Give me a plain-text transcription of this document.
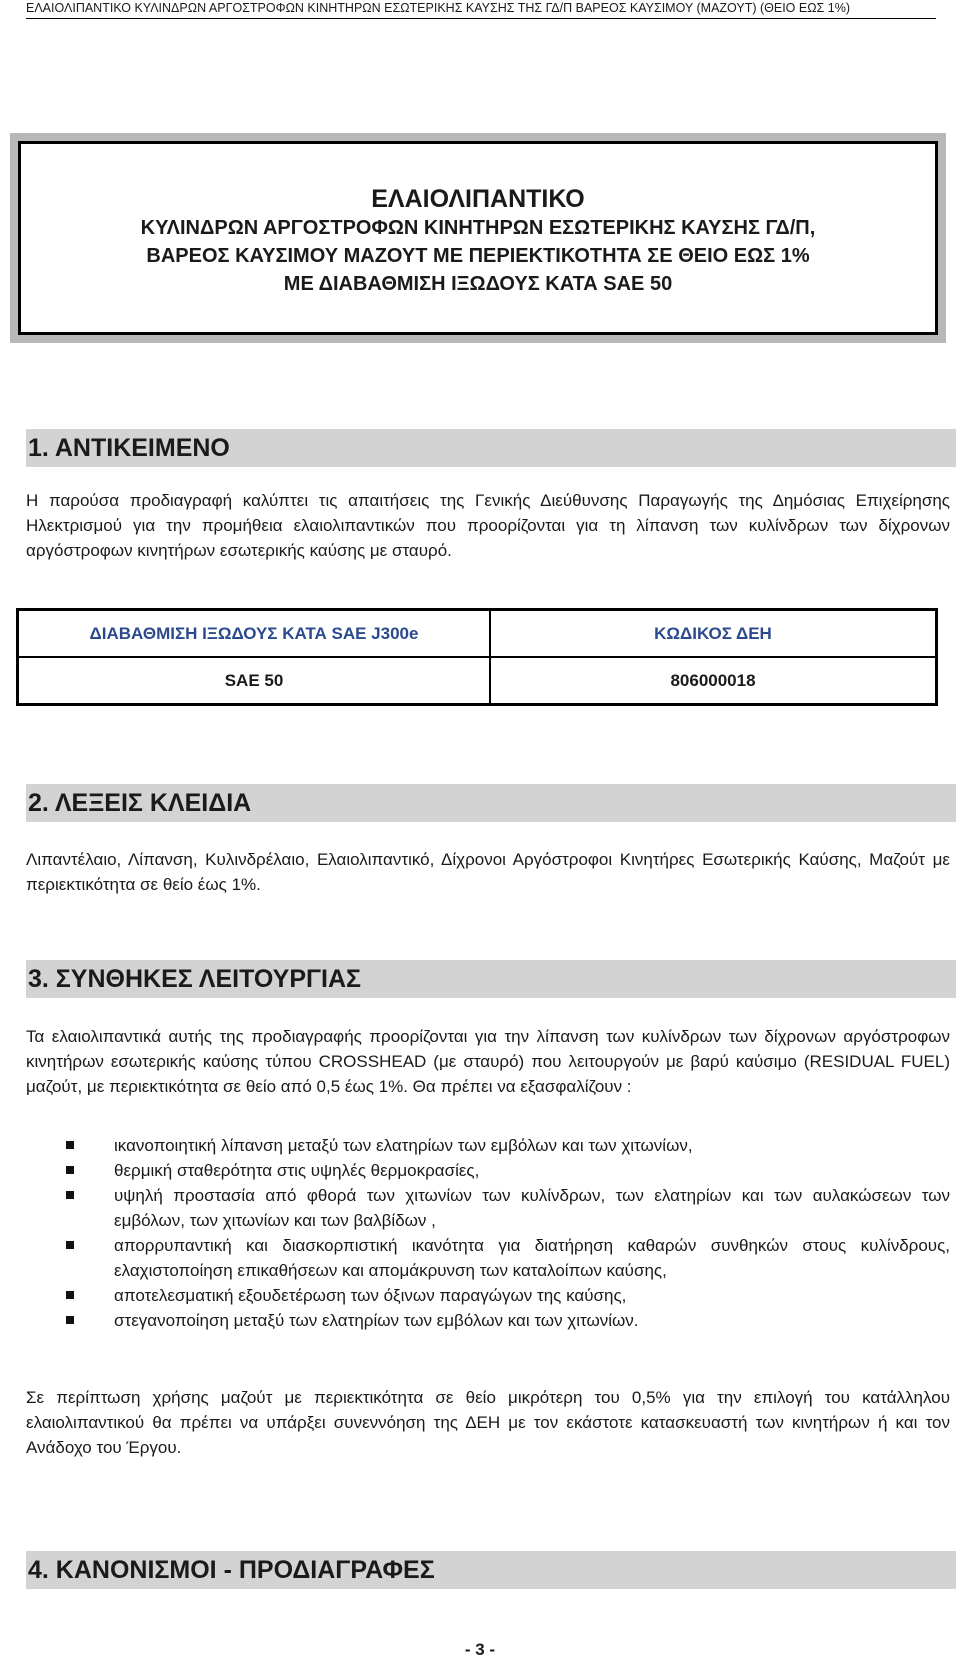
ΕΛΑΙΟΛΙΠΑΝΤΙΚΟ ΚΥΛΙΝΔΡΩΝ ΑΡΓΟΣΤΡΟΦΩΝ ΚΙΝΗΤΗΡΩΝ ΕΣΩΤΕΡΙΚΗΣ ΚΑΥΣΗΣ ΤΗΣ ΓΔ/Π ΒΑΡΕΟΣ ΚΑΥΣΙΜΟΥ (ΜΑΖΟΥΤ) (ΘΕΙΟ ΕΩΣ 1%)
ΕΛΑΙΟΛΙΠΑΝΤΙΚΟ
ΚΥΛΙΝΔΡΩΝ ΑΡΓΟΣΤΡΟΦΩΝ ΚΙΝΗΤΗΡΩΝ ΕΣΩΤΕΡΙΚΗΣ ΚΑΥΣΗΣ ΓΔ/Π,
ΒΑΡΕΟΣ ΚΑΥΣΙΜΟΥ ΜΑΖΟΥΤ ΜΕ ΠΕΡΙΕΚΤΙΚΟΤΗΤΑ ΣΕ ΘΕΙΟ ΕΩΣ 1%
ΜΕ ΔΙΑΒΑΘΜΙΣΗ ΙΞΩΔΟΥΣ ΚΑΤΑ SAE 50
1. ΑΝΤΙΚΕΙΜΕΝΟ

Η παρούσα προδιαγραφή καλύπτει τις απαιτήσεις της Γενικής Διεύθυνσης Παραγωγής της Δημόσιας Επιχείρησης Ηλεκτρισμού για την προμήθεια ελαιολιπαντικών που προορίζονται για τη λίπανση των κυλίνδρων των δίχρονων αργόστροφων κινητήρων εσωτερικής καύσης με σταυρό.

ΔΙΑΒΑΘΜΙΣΗ ΙΞΩΔΟΥΣ ΚΑΤΑ SAE J300e	ΚΩΔΙΚΟΣ ΔΕΗ
SAE 50	806000018
2. ΛΕΞΕΙΣ ΚΛΕΙΔΙΑ

Λιπαντέλαιο, Λίπανση, Κυλινδρέλαιο, Ελαιολιπαντικό, Δίχρονοι Αργόστροφοι Κινητήρες Εσωτερικής Καύσης, Μαζούτ με περιεκτικότητα σε θείο έως 1%.

3. ΣΥΝΘΗΚΕΣ ΛΕΙΤΟΥΡΓΙΑΣ

Τα ελαιολιπαντικά αυτής της προδιαγραφής προορίζονται για την λίπανση των κυλίνδρων των δίχρονων αργόστροφων κινητήρων εσωτερικής καύσης τύπου CROSSHEAD (με σταυρό) που λειτουργούν με βαρύ καύσιμο (RESIDUAL FUEL) μαζούτ, με περιεκτικότητα σε θείο από 0,5 έως 1%. Θα πρέπει να εξασφαλίζουν :

ικανοποιητική λίπανση μεταξύ των ελατηρίων των εμβόλων και των χιτωνίων,
θερμική σταθερότητα στις υψηλές θερμοκρασίες,
υψηλή προστασία από φθορά των χιτωνίων των κυλίνδρων, των ελατηρίων και των αυλακώσεων των εμβόλων, των χιτωνίων και των βαλβίδων ,
απορρυπαντική και διασκορπιστική ικανότητα για διατήρηση καθαρών συνθηκών στους κυλίνδρους, ελαχιστοποίηση επικαθήσεων και απομάκρυνση των καταλοίπων καύσης,
αποτελεσματική εξουδετέρωση των όξινων παραγώγων της καύσης,
στεγανοποίηση μεταξύ των ελατηρίων των εμβόλων και των χιτωνίων.

Σε περίπτωση χρήσης μαζούτ με περιεκτικότητα σε θείο μικρότερη του 0,5% για την επιλογή του κατάλληλου ελαιολιπαντικού θα πρέπει να υπάρξει συνεννόηση της ΔΕΗ με τον εκάστοτε κατασκευαστή των κινητήρων ή και τον Ανάδοχο του Έργου.

4. ΚΑΝΟΝΙΣΜΟΙ - ΠΡΟΔΙΑΓΡΑΦΕΣ
- 3 -
